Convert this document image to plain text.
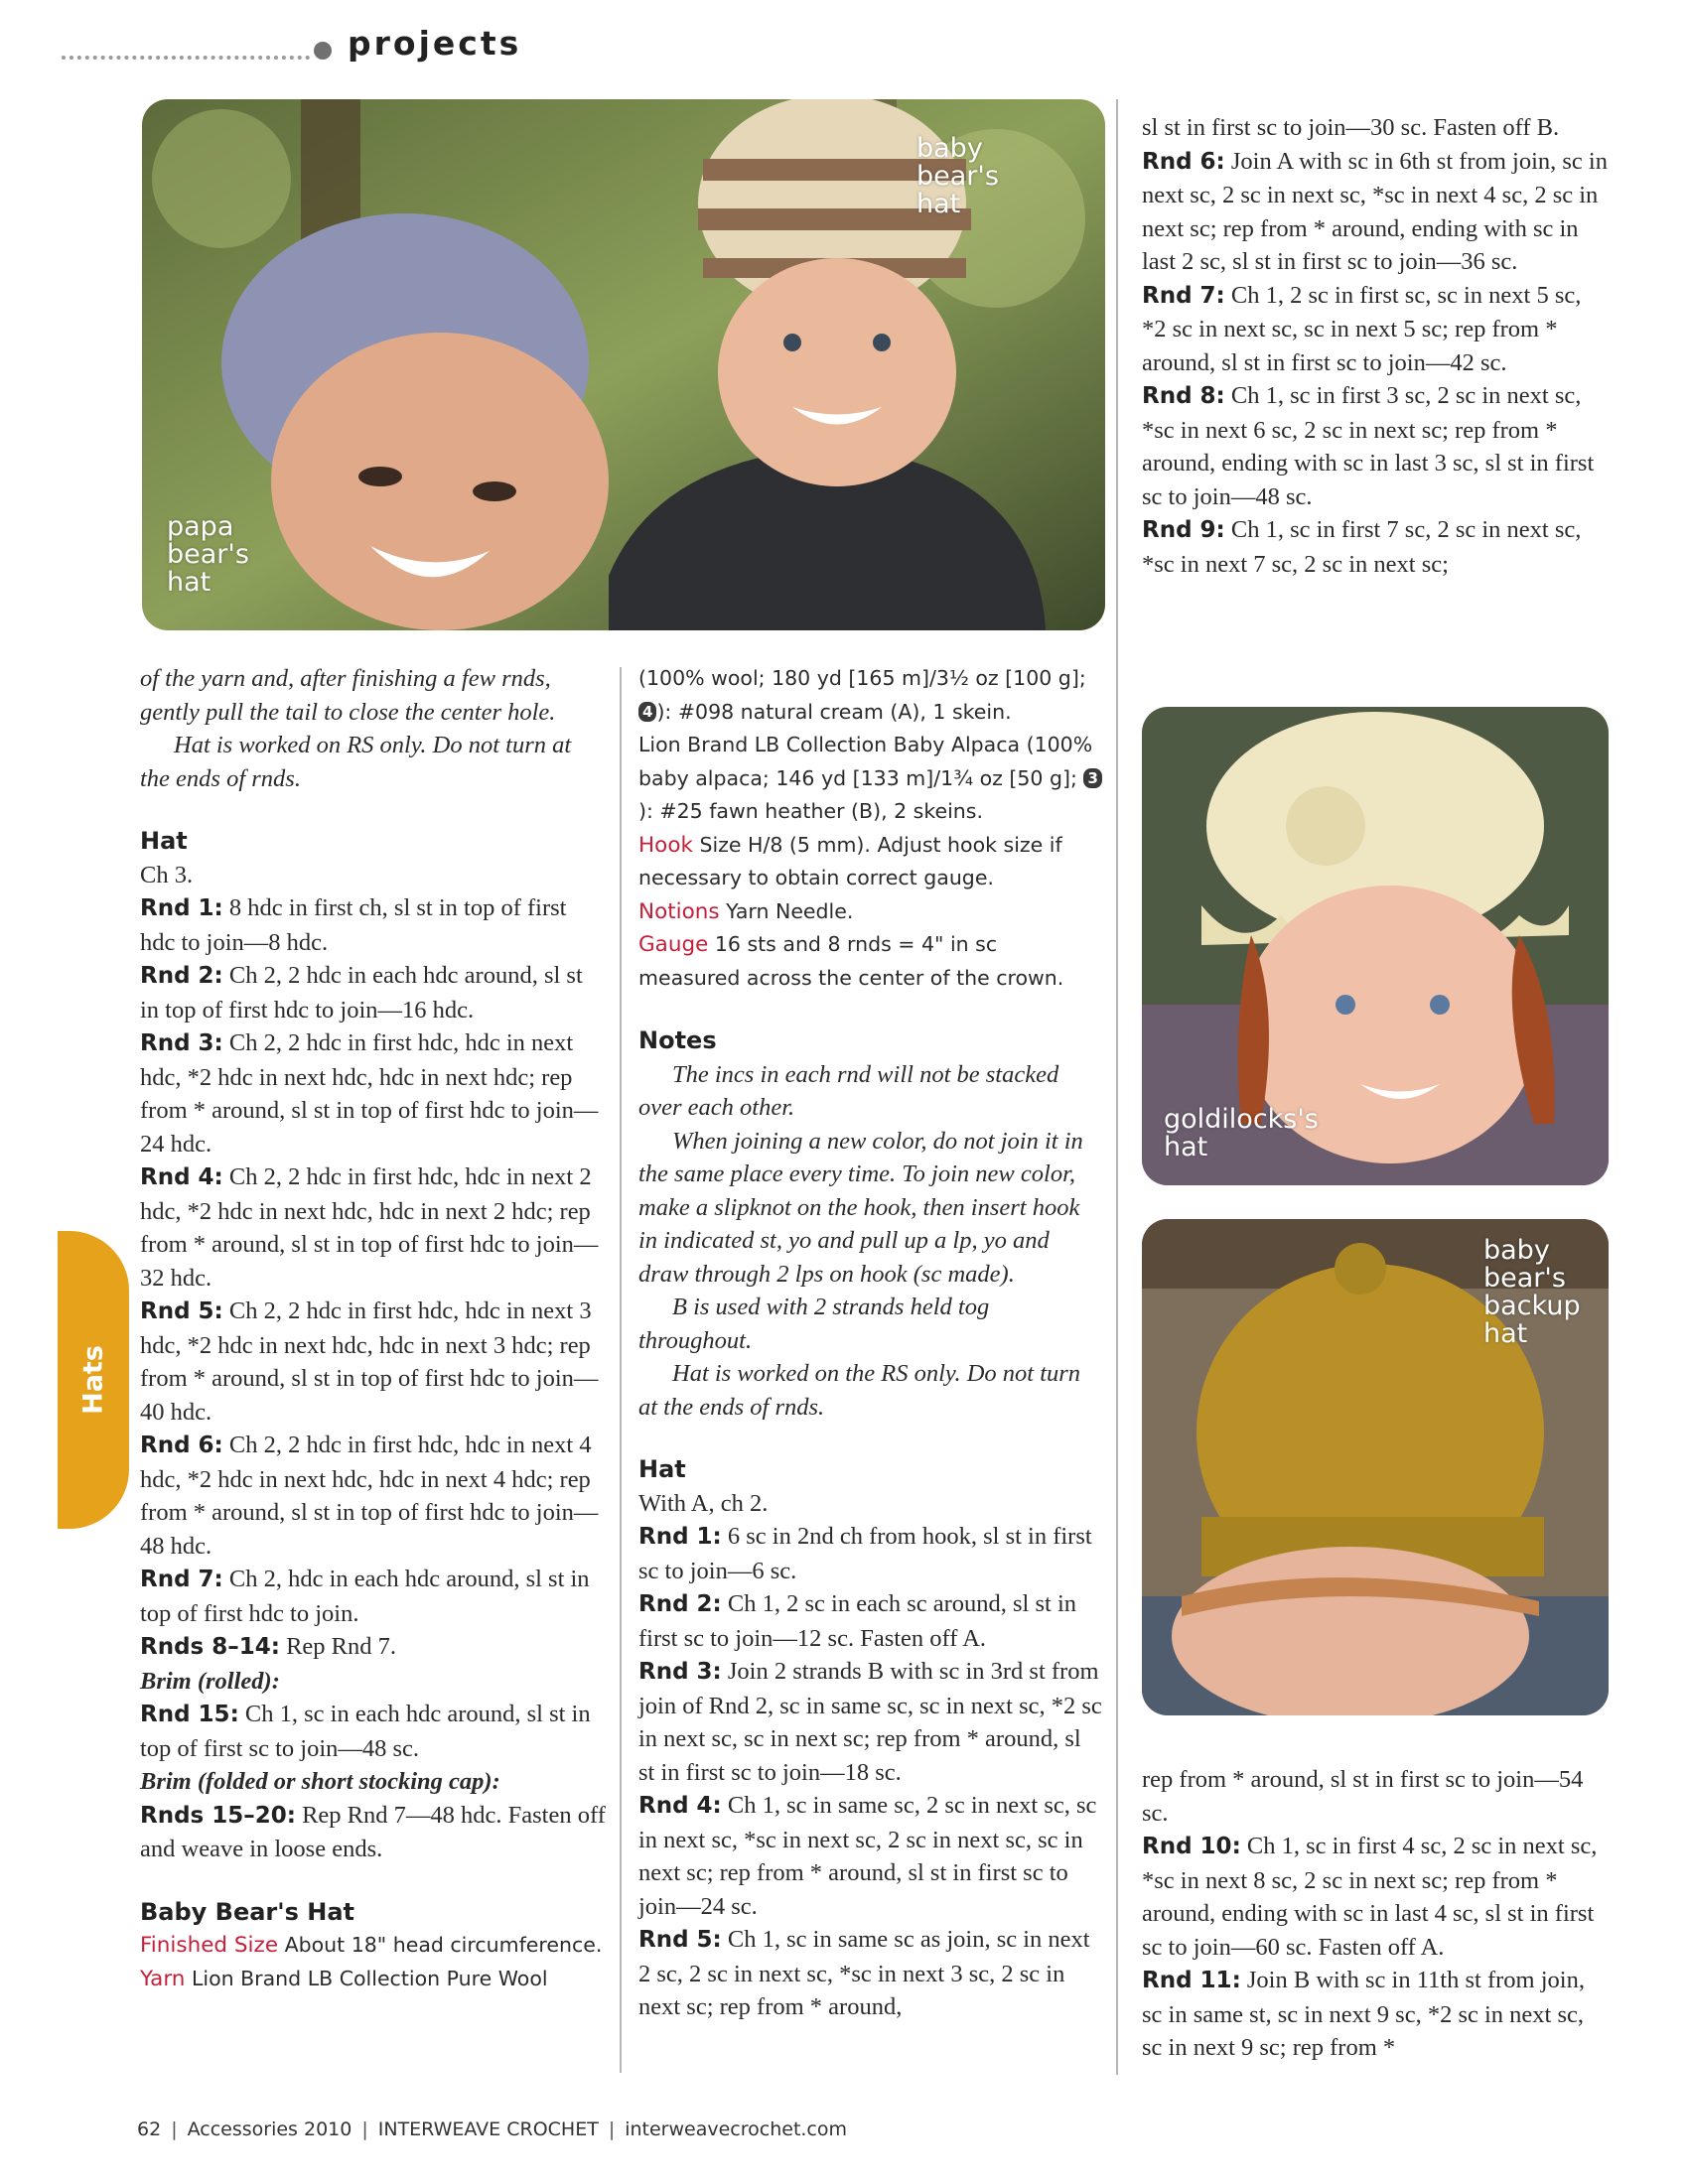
projects
baby
bear's
hat
papa
bear's
hat
goldilocks's
hat
baby
bear's
backup
hat
Hats

of the yarn and, after finishing a few rnds, gently pull the tail to close the center hole.

Hat is worked on RS only. Do not turn at the ends of rnds.

Hat

Ch 3.

Rnd 1: 8 hdc in first ch, sl st in top of first hdc to join—8 hdc.

Rnd 2: Ch 2, 2 hdc in each hdc around, sl st in top of first hdc to join—16 hdc.

Rnd 3: Ch 2, 2 hdc in first hdc, hdc in next hdc, *2 hdc in next hdc, hdc in next hdc; rep from * around, sl st in top of first hdc to join—24 hdc.

Rnd 4: Ch 2, 2 hdc in first hdc, hdc in next 2 hdc, *2 hdc in next hdc, hdc in next 2 hdc; rep from * around, sl st in top of first hdc to join—32 hdc.

Rnd 5: Ch 2, 2 hdc in first hdc, hdc in next 3 hdc, *2 hdc in next hdc, hdc in next 3 hdc; rep from * around, sl st in top of first hdc to join—40 hdc.

Rnd 6: Ch 2, 2 hdc in first hdc, hdc in next 4 hdc, *2 hdc in next hdc, hdc in next 4 hdc; rep from * around, sl st in top of first hdc to join—48 hdc.

Rnd 7: Ch 2, hdc in each hdc around, sl st in top of first hdc to join.

Rnds 8–14: Rep Rnd 7.

Brim (rolled):

Rnd 15: Ch 1, sc in each hdc around, sl st in top of first sc to join—48 sc.

Brim (folded or short stocking cap):

Rnds 15–20: Rep Rnd 7—48 hdc. Fasten off and weave in loose ends.

Baby Bear's Hat

Finished Size About 18" head circumference.

Yarn Lion Brand LB Collection Pure Wool

(100% wool; 180 yd [165 m]/3½ oz [100 g]; 4 ): #098 natural cream (A), 1 skein.

Lion Brand LB Collection Baby Alpaca (100% baby alpaca; 146 yd [133 m]/1¾ oz [50 g]; 3): #25 fawn heather (B), 2 skeins.

Hook Size H/8 (5 mm). Adjust hook size if necessary to obtain correct gauge.

Notions Yarn Needle.

Gauge 16 sts and 8 rnds = 4" in sc measured across the center of the crown.

Notes

The incs in each rnd will not be stacked over each other.

When joining a new color, do not join it in the same place every time. To join new color, make a slipknot on the hook, then insert hook in indicated st, yo and pull up a lp, yo and draw through 2 lps on hook (sc made).

B is used with 2 strands held tog throughout.

Hat is worked on the RS only. Do not turn at the ends of rnds.

Hat

With A, ch 2.

Rnd 1: 6 sc in 2nd ch from hook, sl st in first sc to join—6 sc.

Rnd 2: Ch 1, 2 sc in each sc around, sl st in first sc to join—12 sc. Fasten off A.

Rnd 3: Join 2 strands B with sc in 3rd st from join of Rnd 2, sc in same sc, sc in next sc, *2 sc in next sc, sc in next sc; rep from * around, sl st in first sc to join—18 sc.

Rnd 4: Ch 1, sc in same sc, 2 sc in next sc, sc in next sc, *sc in next sc, 2 sc in next sc, sc in next sc; rep from * around, sl st in first sc to join—24 sc.

Rnd 5: Ch 1, sc in same sc as join, sc in next 2 sc, 2 sc in next sc, *sc in next 3 sc, 2 sc in next sc; rep from * around,

sl st in first sc to join—30 sc. Fasten off B.

Rnd 6: Join A with sc in 6th st from join, sc in next sc, 2 sc in next sc, *sc in next 4 sc, 2 sc in next sc; rep from * around, ending with sc in last 2 sc, sl st in first sc to join—36 sc.

Rnd 7: Ch 1, 2 sc in first sc, sc in next 5 sc, *2 sc in next sc, sc in next 5 sc; rep from * around, sl st in first sc to join—42 sc.

Rnd 8: Ch 1, sc in first 3 sc, 2 sc in next sc, *sc in next 6 sc, 2 sc in next sc; rep from * around, ending with sc in last 3 sc, sl st in first sc to join—48 sc.

Rnd 9: Ch 1, sc in first 7 sc, 2 sc in next sc, *sc in next 7 sc, 2 sc in next sc;

rep from * around, sl st in first sc to join—54 sc.

Rnd 10: Ch 1, sc in first 4 sc, 2 sc in next sc, *sc in next 8 sc, 2 sc in next sc; rep from * around, ending with sc in last 4 sc, sl st in first sc to join—60 sc. Fasten off A.

Rnd 11: Join B with sc in 11th st from join, sc in same st, sc in next 9 sc, *2 sc in next sc, sc in next 9 sc; rep from *

62 | Accessories 2010 | INTERWEAVE CROCHET | interweavecrochet.com
